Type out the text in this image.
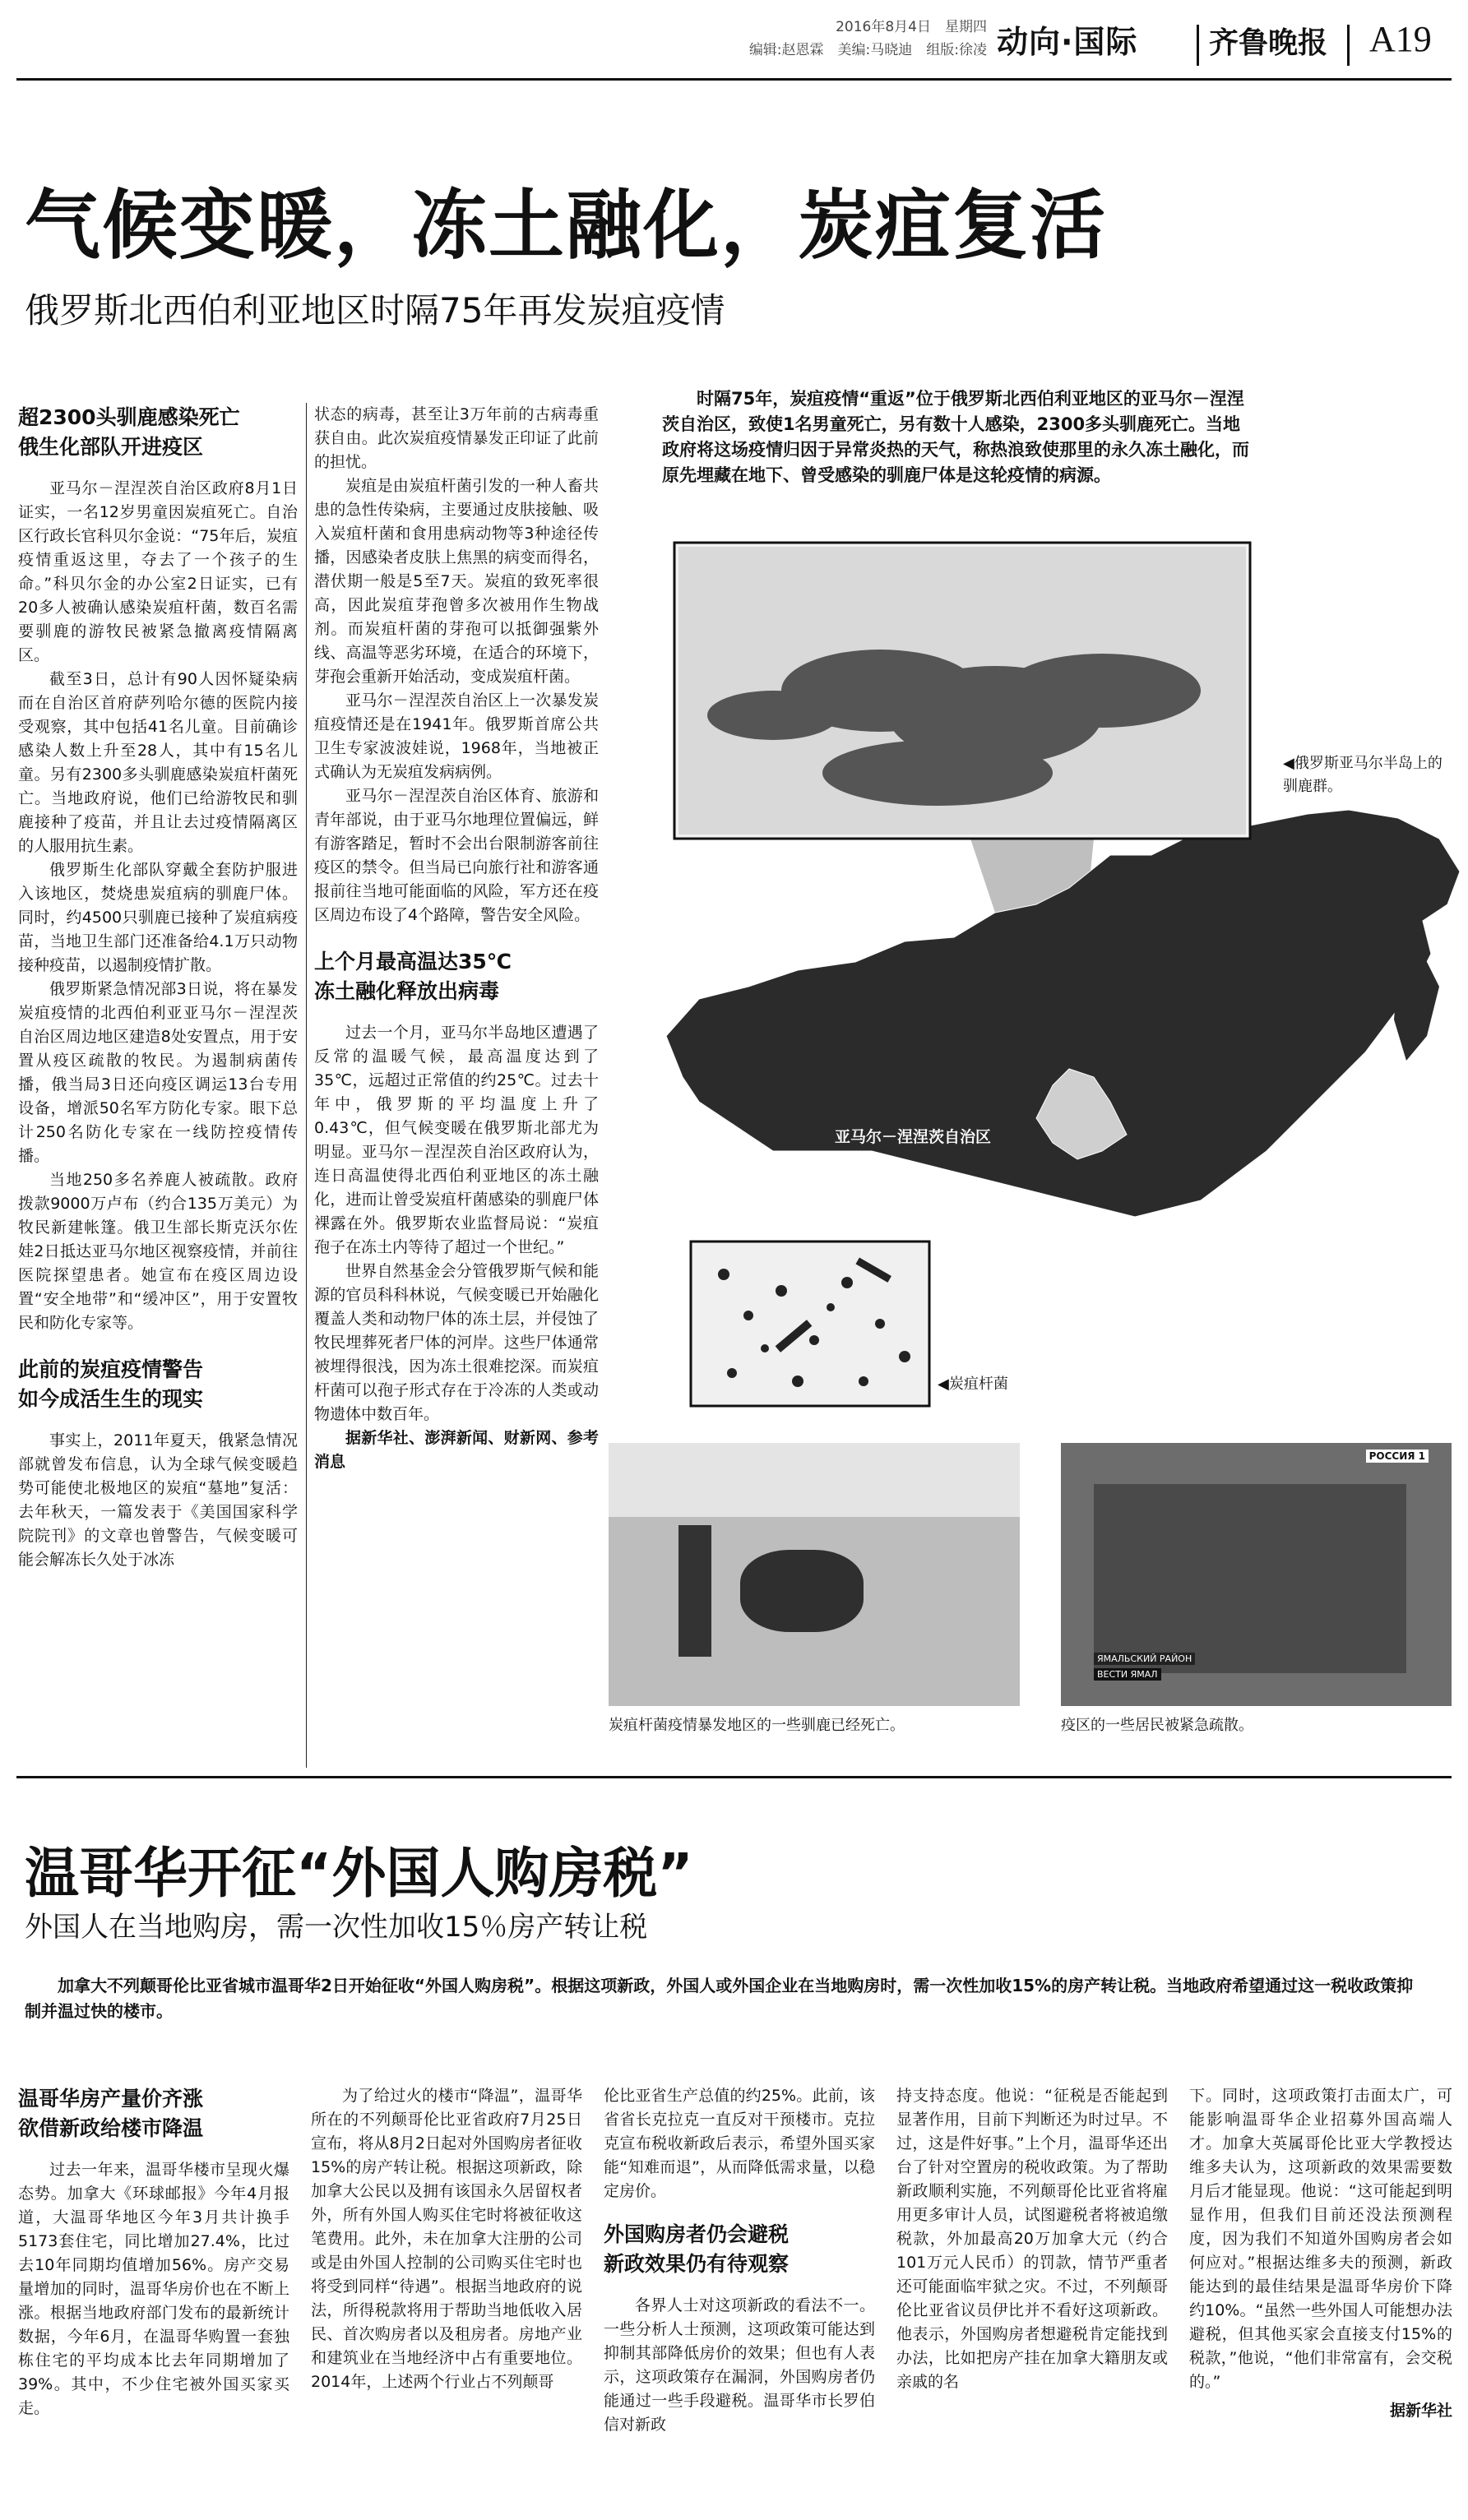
2016年8月4日　 星期四
编辑:赵恩霖　美编:马晓迪　组版:徐凌 动向·国际 齐鲁晚报 A19
气候变暖，冻土融化，炭疽复活
俄罗斯北西伯利亚地区时隔75年再发炭疽疫情
超2300头驯鹿感染死亡
俄生化部队开进疫区

亚马尔－涅涅茨自治区政府8月1日证实，一名12岁男童因炭疽死亡。自治区行政长官科贝尔金说：“75年后，炭疽疫情重返这里，夺去了一个孩子的生命。”科贝尔金的办公室2日证实，已有20多人被确认感染炭疽杆菌，数百名需要驯鹿的游牧民被紧急撤离疫情隔离区。

截至3日，总计有90人因怀疑染病而在自治区首府萨列哈尔德的医院内接受观察，其中包括41名儿童。目前确诊感染人数上升至28人，其中有15名儿童。另有2300多头驯鹿感染炭疽杆菌死亡。当地政府说，他们已给游牧民和驯鹿接种了疫苗，并且让去过疫情隔离区的人服用抗生素。

俄罗斯生化部队穿戴全套防护服进入该地区，焚烧患炭疽病的驯鹿尸体。同时，约4500只驯鹿已接种了炭疽病疫苗，当地卫生部门还准备给4.1万只动物接种疫苗，以遏制疫情扩散。

俄罗斯紧急情况部3日说，将在暴发炭疽疫情的北西伯利亚亚马尔－涅涅茨自治区周边地区建造8处安置点，用于安置从疫区疏散的牧民。为遏制病菌传播，俄当局3日还向疫区调运13台专用设备，增派50名军方防化专家。眼下总计250名防化专家在一线防控疫情传播。

当地250多名养鹿人被疏散。政府拨款9000万卢布（约合135万美元）为牧民新建帐篷。俄卫生部长斯克沃尔佐娃2日抵达亚马尔地区视察疫情，并前往医院探望患者。她宣布在疫区周边设置“安全地带”和“缓冲区”，用于安置牧民和防化专家等。

此前的炭疽疫情警告
如今成活生生的现实

事实上，2011年夏天，俄紧急情况部就曾发布信息，认为全球气候变暖趋势可能使北极地区的炭疽“墓地”复活：去年秋天，一篇发表于《美国国家科学院院刊》的文章也曾警告，气候变暖可能会解冻长久处于冰冻

状态的病毒，甚至让3万年前的古病毒重获自由。此次炭疽疫情暴发正印证了此前的担忧。

炭疽是由炭疽杆菌引发的一种人畜共患的急性传染病，主要通过皮肤接触、吸入炭疽杆菌和食用患病动物等3种途径传播，因感染者皮肤上焦黑的病变而得名，潜伏期一般是5至7天。炭疽的致死率很高，因此炭疽芽孢曾多次被用作生物战剂。而炭疽杆菌的芽孢可以抵御强紫外线、高温等恶劣环境，在适合的环境下，芽孢会重新开始活动，变成炭疽杆菌。

亚马尔－涅涅茨自治区上一次暴发炭疽疫情还是在1941年。俄罗斯首席公共卫生专家波波娃说，1968年，当地被正式确认为无炭疽发病病例。

亚马尔－涅涅茨自治区体育、旅游和青年部说，由于亚马尔地理位置偏远，鲜有游客踏足，暂时不会出台限制游客前往疫区的禁令。但当局已向旅行社和游客通报前往当地可能面临的风险，军方还在疫区周边布设了4个路障，警告安全风险。

上个月最高温达35℃
冻土融化释放出病毒

过去一个月，亚马尔半岛地区遭遇了反常的温暖气候，最高温度达到了35℃，远超过正常值的约25℃。过去十年中，俄罗斯的平均温度上升了0.43℃，但气候变暖在俄罗斯北部尤为明显。亚马尔－涅涅茨自治区政府认为，连日高温使得北西伯利亚地区的冻土融化，进而让曾受炭疽杆菌感染的驯鹿尸体裸露在外。俄罗斯农业监督局说：“炭疽孢子在冻土内等待了超过一个世纪。”

世界自然基金会分管俄罗斯气候和能源的官员科科林说，气候变暖已开始融化覆盖人类和动物尸体的冻土层，并侵蚀了牧民埋葬死者尸体的河岸。这些尸体通常被埋得很浅，因为冻土很难挖深。而炭疽杆菌可以孢子形式存在于冷冻的人类或动物遗体中数百年。

据新华社、澎湃新闻、财新网、参考消息

时隔75年，炭疽疫情“重返”位于俄罗斯北西伯利亚地区的亚马尔－涅涅茨自治区，致使1名男童死亡，另有数十人感染，2300多头驯鹿死亡。当地政府将这场疫情归因于异常炎热的天气，称热浪致使那里的永久冻土融化，而原先埋藏在地下、曾受感染的驯鹿尸体是这轮疫情的病源。
亚马尔－涅涅茨自治区
◀俄罗斯亚马尔半岛上的驯鹿群。
◀炭疽杆菌
炭疽杆菌疫情暴发地区的一些驯鹿已经死亡。
РОССИЯ 1
ЯМАЛЬСКИЙ РАЙОН
ВЕСТИ ЯМАЛ
疫区的一些居民被紧急疏散。
温哥华开征“外国人购房税”
外国人在当地购房，需一次性加收15％房产转让税
加拿大不列颠哥伦比亚省城市温哥华2日开始征收“外国人购房税”。根据这项新政，外国人或外国企业在当地购房时，需一次性加收15%的房产转让税。当地政府希望通过这一税收政策抑制并温过快的楼市。
温哥华房产量价齐涨
欲借新政给楼市降温

过去一年来，温哥华楼市呈现火爆态势。加拿大《环球邮报》今年4月报道，大温哥华地区今年3月共计换手5173套住宅，同比增加27.4%，比过去10年同期均值增加56%。房产交易量增加的同时，温哥华房价也在不断上涨。根据当地政府部门发布的最新统计数据，今年6月，在温哥华购置一套独栋住宅的平均成本比去年同期增加了39%。其中，不少住宅被外国买家买走。

为了给过火的楼市“降温”，温哥华所在的不列颠哥伦比亚省政府7月25日宣布，将从8月2日起对外国购房者征收15%的房产转让税。根据这项新政，除加拿大公民以及拥有该国永久居留权者外，所有外国人购买住宅时将被征收这笔费用。此外，未在加拿大注册的公司或是由外国人控制的公司购买住宅时也将受到同样“待遇”。根据当地政府的说法，所得税款将用于帮助当地低收入居民、首次购房者以及租房者。房地产业和建筑业在当地经济中占有重要地位。2014年，上述两个行业占不列颠哥

伦比亚省生产总值的约25%。此前，该省省长克拉克一直反对干预楼市。克拉克宣布税收新政后表示，希望外国买家能“知难而退”，从而降低需求量，以稳定房价。

外国购房者仍会避税
新政效果仍有待观察

各界人士对这项新政的看法不一。一些分析人士预测，这项政策可能达到抑制其部降低房价的效果；但也有人表示，这项政策存在漏洞，外国购房者仍能通过一些手段避税。温哥华市长罗伯信对新政

持支持态度。他说：“征税是否能起到显著作用，目前下判断还为时过早。不过，这是件好事。”上个月，温哥华还出台了针对空置房的税收政策。为了帮助新政顺利实施，不列颠哥伦比亚省将雇用更多审计人员，试图避税者将被追缴税款，外加最高20万加拿大元（约合101万元人民币）的罚款，情节严重者还可能面临牢狱之灾。不过，不列颠哥伦比亚省议员伊比并不看好这项新政。他表示，外国购房者想避税肯定能找到办法，比如把房产挂在加拿大籍朋友或亲戚的名

下。同时，这项政策打击面太广，可能影响温哥华企业招募外国高端人才。加拿大英属哥伦比亚大学教授达维多夫认为，这项新政的效果需要数月后才能显现。他说：“这可能起到明显作用，但我们目前还没法预测程度，因为我们不知道外国购房者会如何应对。”根据达维多夫的预测，新政能达到的最佳结果是温哥华房价下降约10%。“虽然一些外国人可能想办法避税，但其他买家会直接支付15%的税款，”他说，“他们非常富有，会交税的。”

据新华社
